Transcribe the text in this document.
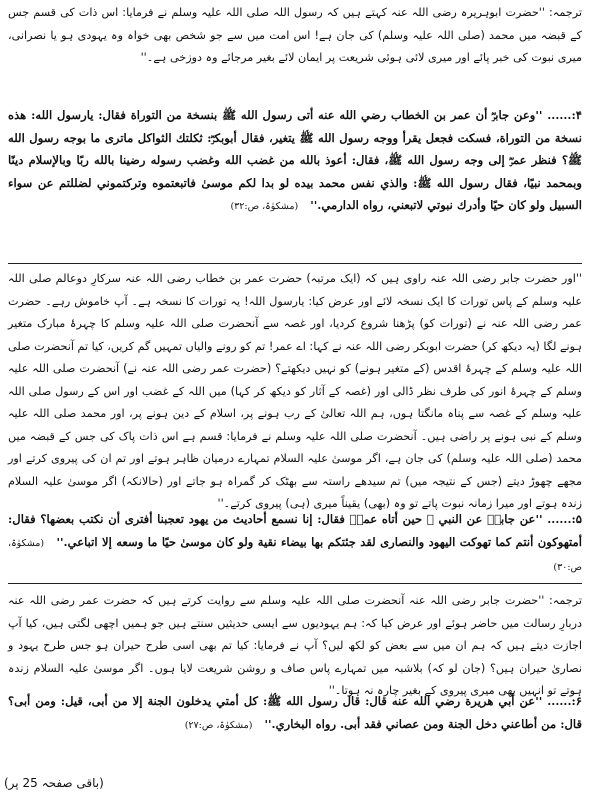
ترجمہ: ''حضرت ابوہریرہ رضی اللہ عنہ کہتے ہیں کہ رسول اللہ صلی اللہ علیہ وسلم نے فرمایا: اس ذات کی قسم جس کے قبضہ میں محمد (صلی اللہ علیہ وسلم) کی جان ہے! اس امت میں سے جو شخص بھی خواہ وہ یہودی ہو یا نصرانی، میری نبوت کی خبر پائے اور میری لائی ہوئی شریعت پر ایمان لائے بغیر مرجائے وہ دوزخی ہے۔''

۴:...... ''وعن جابرؓ أن عمر بن الخطاب رضي الله عنه أتى رسول الله ﷺ بنسخة من التوراة فقال: يارسول الله: هذه نسخة من التوراة، فسكت فجعل يقرأ ووجه رسول الله ﷺ يتغير، فقال أبوبكرؓ: ثكلتك الثواكل ماترى ما بوجه رسول الله ﷺ؟ فنظر عمرؓ إلى وجه رسول الله ﷺ، فقال: أعوذ بالله من غضب الله وغضب رسوله رضينا بالله ربًا وبالإسلام دينًا وبمحمد نبيًا، فقال رسول الله ﷺ: والذي نفس محمد بيده لو بدا لكم موسىٰ فاتبعتموه وتركتموني لضللتم عن سواء السبيل ولو كان حيًا وأدرك نبوتي لاتبعني، رواه الدارمي.'' (مشکوٰۃ، ص:۳۲)

''اور حضرت جابر رضی اللہ عنہ راوی ہیں کہ (ایک مرتبہ) حضرت عمر بن خطاب رضی اللہ عنہ سرکارِ دوعالم صلی اللہ علیہ وسلم کے پاس تورات کا ایک نسخہ لائے اور عرض کیا: یارسول اللہ! یہ تورات کا نسخہ ہے۔ آپ خاموش رہے۔ حضرت عمر رضی اللہ عنہ نے (تورات کو) پڑھنا شروع کردیا، اور غصہ سے آنحضرت صلی اللہ علیہ وسلم کا چہرۂ مبارک متغیر ہونے لگا (یہ دیکھ کر) حضرت ابوبکر رضی اللہ عنہ نے کہا: اے عمر! تم کو رونے والیاں تمہیں گم کریں، کیا تم آنحضرت صلی اللہ علیہ وسلم کے چہرۂ اقدس (کے متغیر ہونے) کو نہیں دیکھتے؟ (حضرت عمر رضی اللہ عنہ نے) آنحضرت صلی اللہ علیہ وسلم کے چہرۂ انور کی طرف نظر ڈالی اور (غصہ کے آثار کو دیکھ کر کہا) میں اللہ کے غضب اور اس کے رسول صلی اللہ علیہ وسلم کے غصہ سے پناہ مانگتا ہوں، ہم اللہ تعالیٰ کے رب ہونے پر، اسلام کے دین ہونے پر، اور محمد صلی اللہ علیہ وسلم کے نبی ہونے پر راضی ہیں۔ آنحضرت صلی اللہ علیہ وسلم نے فرمایا: قسم ہے اس ذات پاک کی جس کے قبضہ میں محمد (صلی اللہ علیہ وسلم) کی جان ہے، اگر موسیٰ علیہ السلام تمہارے درمیان ظاہر ہوتے اور تم ان کی پیروی کرتے اور مجھے چھوڑ دیتے (جس کے نتیجہ میں) تم سیدھے راستہ سے بھٹک کر گمراہ ہو جاتے اور (حالانکہ) اگر موسیٰ علیہ السلام زندہ ہوتے اور میرا زمانہ نبوت پاتے تو وہ (بھی) یقیناً میری (ہی) پیروی کرتے۔''

۵:...... ''عن جابرؓ عن النبي ﷺ حين أتاه عمرؓ فقال: إنا نسمع أحاديث من يهود تعجبنا أفترى أن نكتب بعضها؟ فقال: أمتهوكون أنتم كما تهوكت اليهود والنصارى لقد جئتكم بها بيضاء نقية ولو كان موسىٰ حيًا ما وسعه إلا اتباعي.'' (مشکوٰۃ، ص:۳۰)

ترجمہ: ''حضرت جابر رضی اللہ عنہ آنحضرت صلی اللہ علیہ وسلم سے روایت کرتے ہیں کہ حضرت عمر رضی اللہ عنہ دربارِ رسالت میں حاضر ہوئے اور عرض کیا کہ: ہم یہودیوں سے ایسی حدیثیں سنتے ہیں جو ہمیں اچھی لگتی ہیں، کیا آپ اجازت دیتے ہیں کہ ہم ان میں سے بعض کو لکھ لیں؟ آپ نے فرمایا: کیا تم بھی اسی طرح حیران ہو جس طرح یہود و نصاریٰ حیران ہیں؟ (جان لو کہ) بلاشبہ میں تمہارے پاس صاف و روشن شریعت لایا ہوں۔ اگر موسیٰ علیہ السلام زندہ ہوتے تو انہیں بھی میری پیروی کے بغیر چارہ نہ ہوتا۔''

۶:...... ''عن أبي هريرة رضي الله عنه قال: قال رسول الله ﷺ: كل أمتي يدخلون الجنة إلا من أبى، قيل: ومن أبى؟ قال: من أطاعني دخل الجنة ومن عصاني فقد أبى. رواه البخاري.'' (مشکوٰۃ، ص:۲۷)

(باقی صفحہ 25 پر)
